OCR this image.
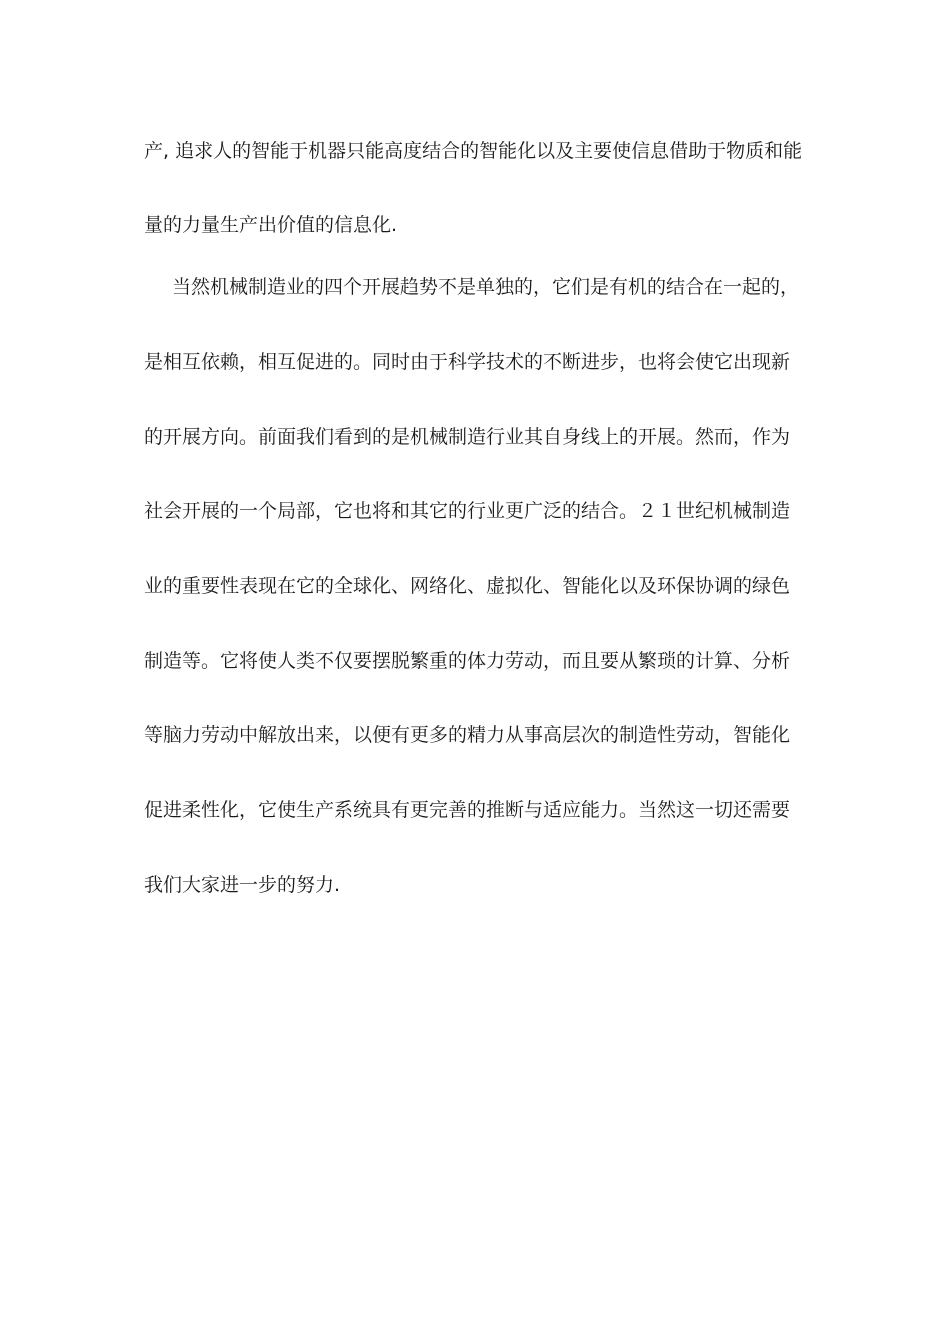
产, 追求人的智能于机器只能高度结合的智能化以及主要使信息借助于物质和能
量的力量生产出价值的信息化.
当然机械制造业的四个开展趋势不是单独的，它们是有机的结合在一起的，
是相互依赖，相互促进的。同时由于科学技术的不断进步，也将会使它出现新
的开展方向。前面我们看到的是机械制造行业其自身线上的开展。然而，作为
社会开展的一个局部，它也将和其它的行业更广泛的结合。２１世纪机械制造
业的重要性表现在它的全球化、网络化、虚拟化、智能化以及环保协调的绿色
制造等。它将使人类不仅要摆脱繁重的体力劳动，而且要从繁琐的计算、分析
等脑力劳动中解放出来，以便有更多的精力从事高层次的制造性劳动，智能化
促进柔性化，它使生产系统具有更完善的推断与适应能力。当然这一切还需要
我们大家进一步的努力.
